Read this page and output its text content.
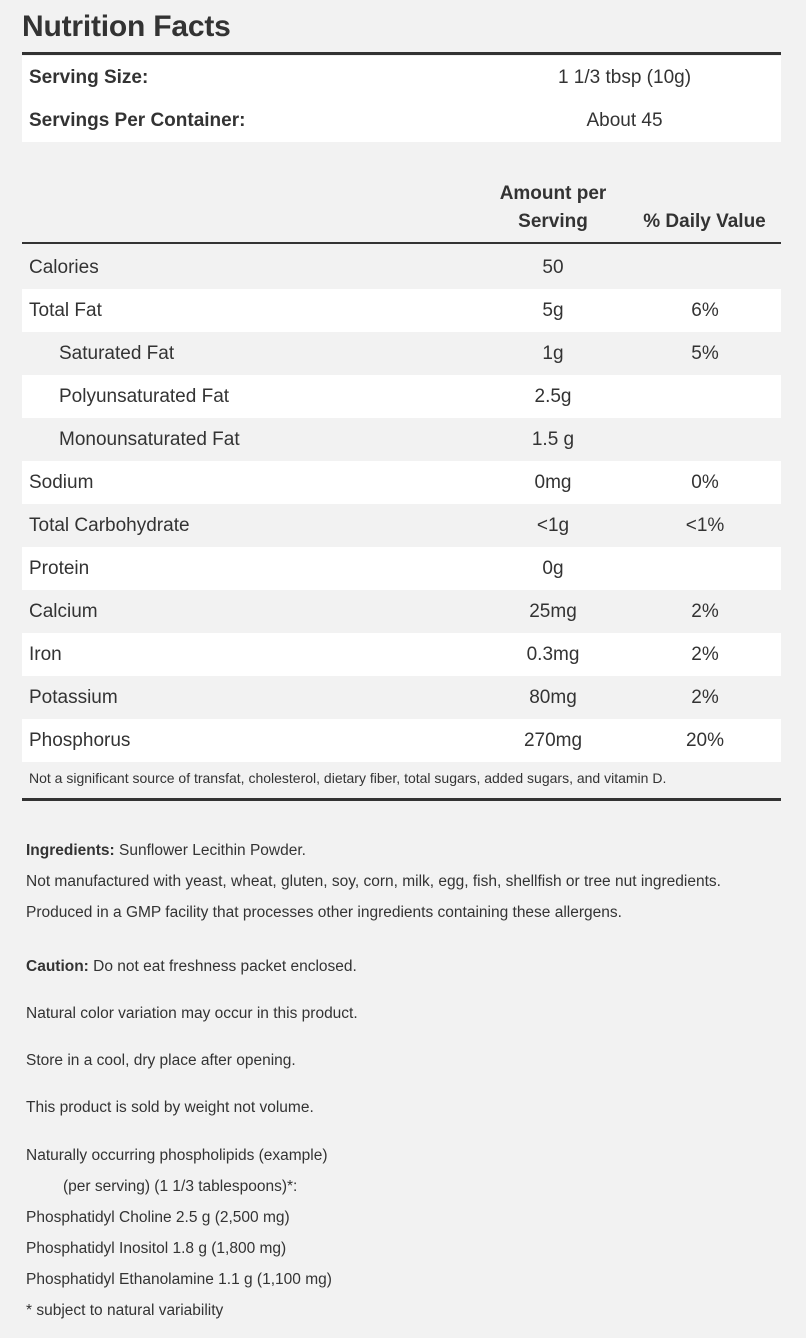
Nutrition Facts
Serving Size:	1 1/3 tbsp (10g)
Servings Per Container:	About 45
Amount per
Serving	% Daily Value
Calories	50
Total Fat	5g	6%
Saturated Fat	1g	5%
Polyunsaturated Fat	2.5g
Monounsaturated Fat	1.5 g
Sodium	0mg	0%
Total Carbohydrate	<1g	<1%
Protein	0g
Calcium	25mg	2%
Iron	0.3mg	2%
Potassium	80mg	2%
Phosphorus	270mg	20%
Not a significant source of transfat, cholesterol, dietary fiber, total sugars, added sugars, and vitamin D.
Ingredients: Sunflower Lecithin Powder.
Not manufactured with yeast, wheat, gluten, soy, corn, milk, egg, fish, shellfish or tree nut ingredients.
Produced in a GMP facility that processes other ingredients containing these allergens.
Caution: Do not eat freshness packet enclosed.
Natural color variation may occur in this product.
Store in a cool, dry place after opening.
This product is sold by weight not volume.
Naturally occurring phospholipids (example)
(per serving) (1 1/3 tablespoons)*:
Phosphatidyl Choline 2.5 g (2,500 mg)
Phosphatidyl Inositol 1.8 g (1,800 mg)
Phosphatidyl Ethanolamine 1.1 g (1,100 mg)
* subject to natural variability
